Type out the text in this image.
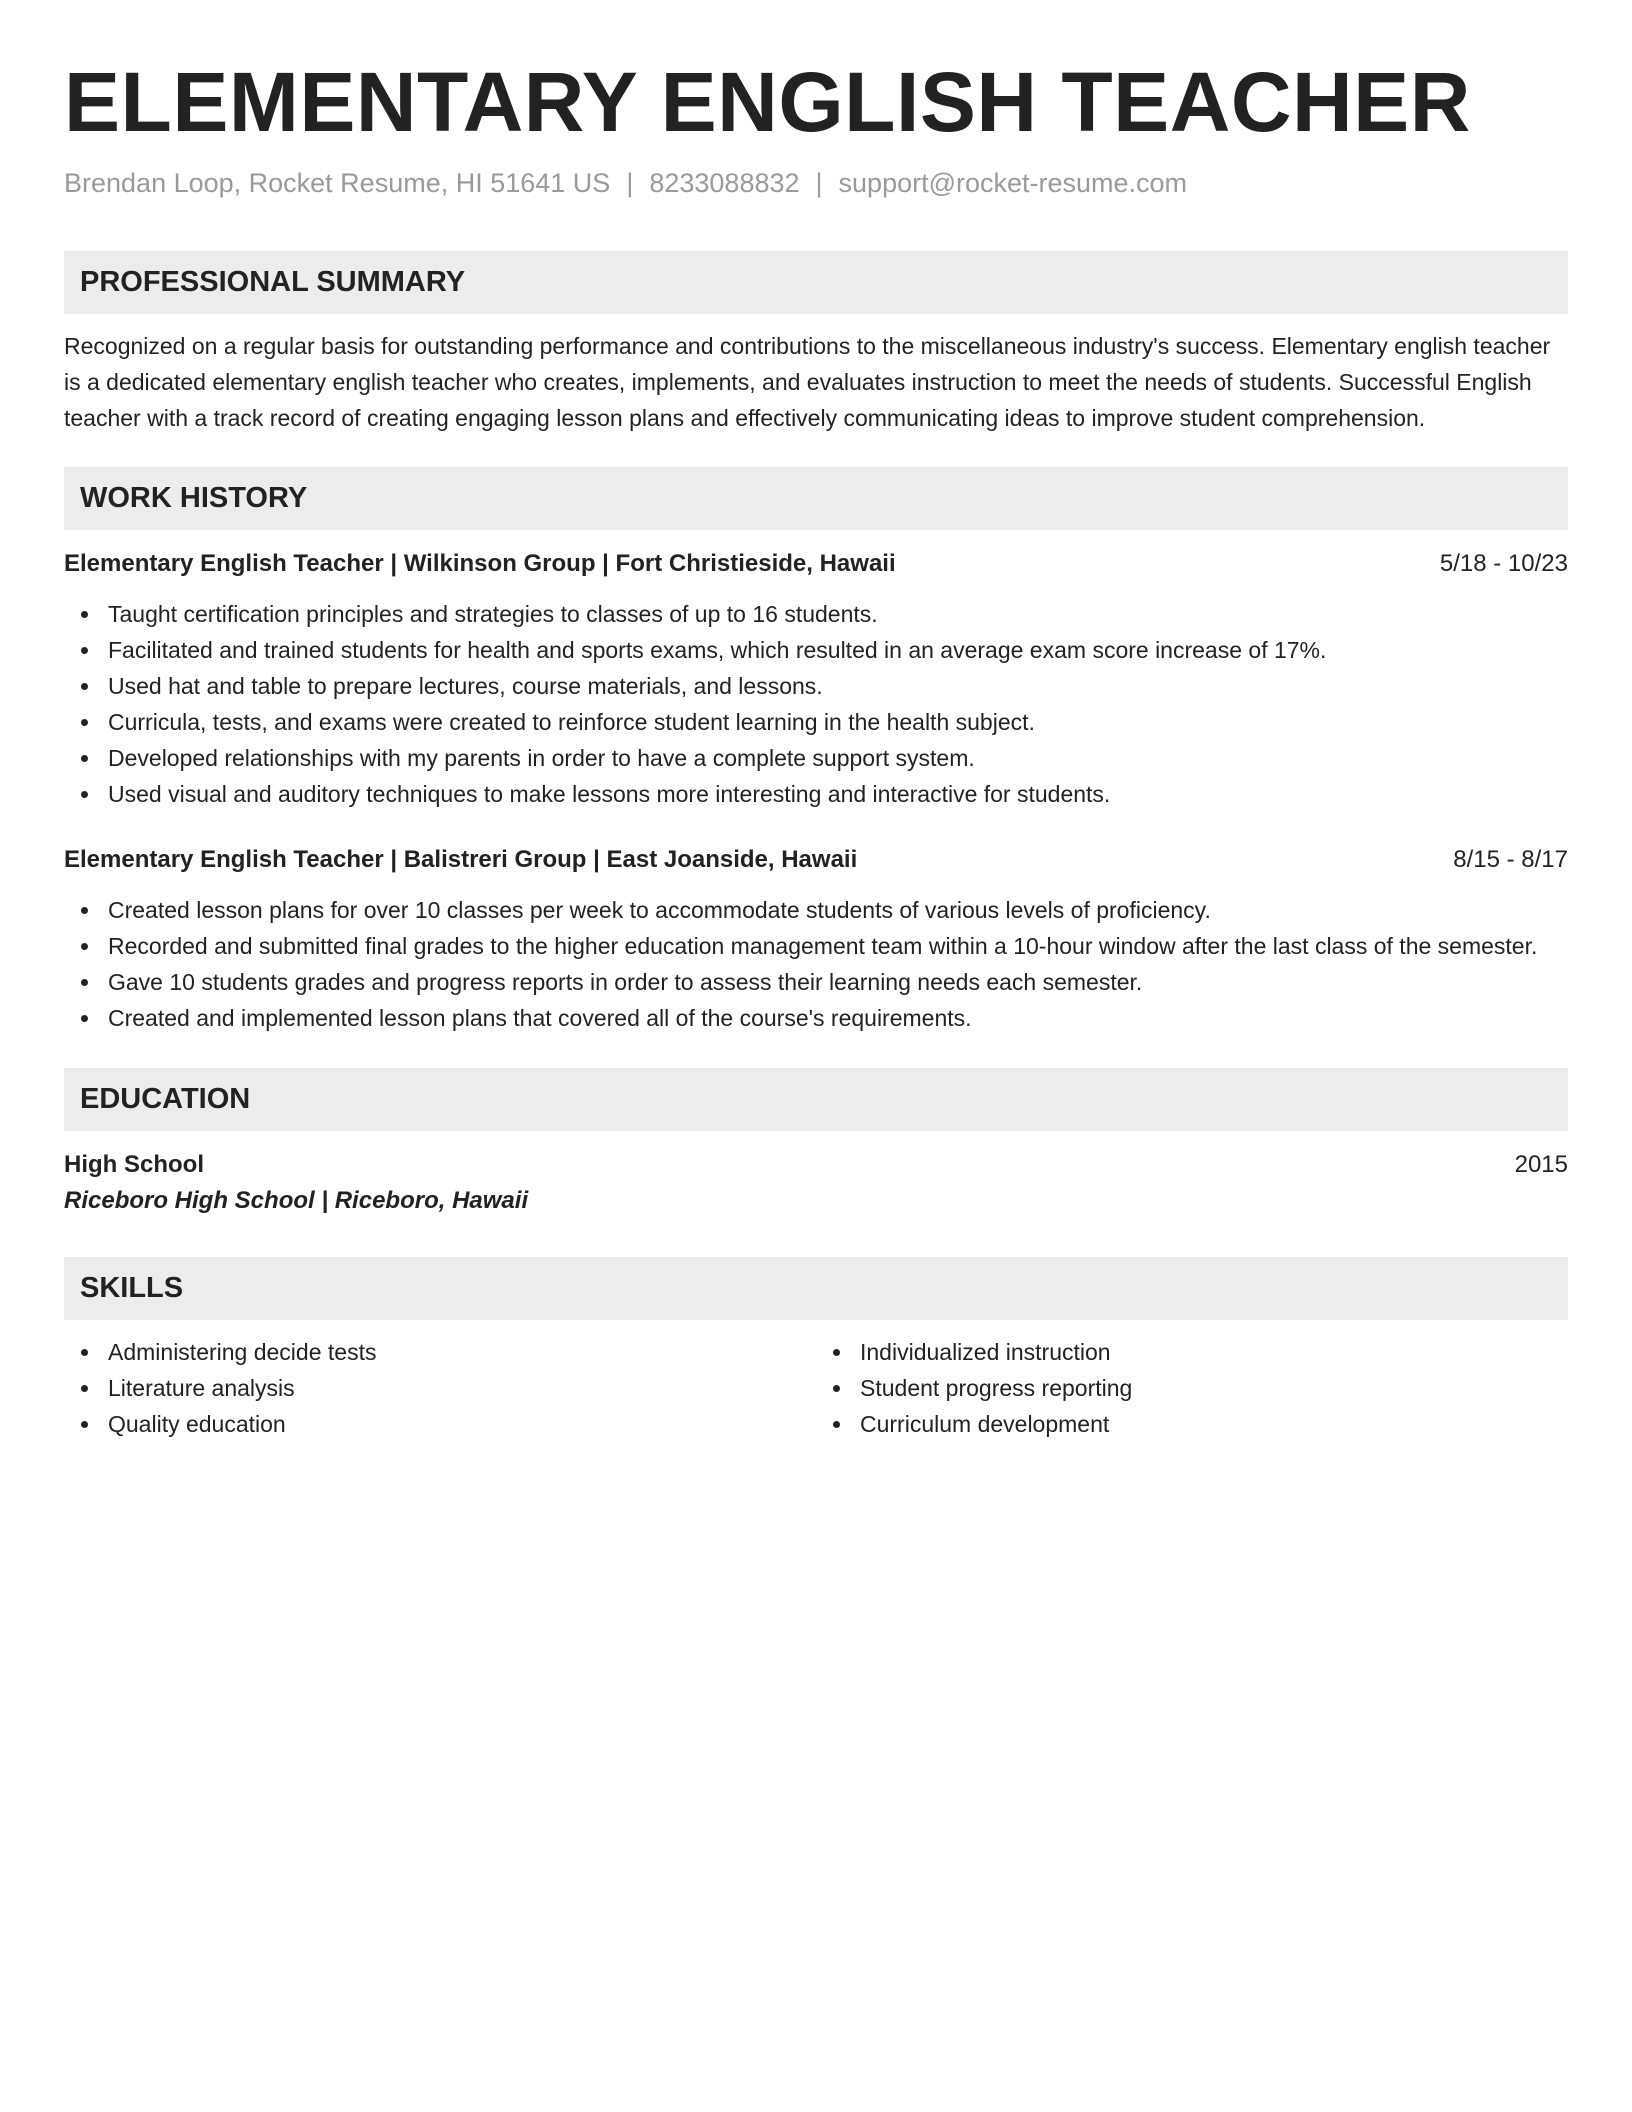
ELEMENTARY ENGLISH TEACHER
Brendan Loop, Rocket Resume, HI 51641 US | 8233088832 | support@rocket-resume.com
PROFESSIONAL SUMMARY

Recognized on a regular basis for outstanding performance and contributions to the miscellaneous industry's success. Elementary english teacher is a dedicated elementary english teacher who creates, implements, and evaluates instruction to meet the needs of students. Successful English teacher with a track record of creating engaging lesson plans and effectively communicating ideas to improve student comprehension.

WORK HISTORY
Elementary English Teacher | Wilkinson Group | Fort Christieside, Hawaii	5/18 - 10/23
Taught certification principles and strategies to classes of up to 16 students.
Facilitated and trained students for health and sports exams, which resulted in an average exam score increase of 17%.
Used hat and table to prepare lectures, course materials, and lessons.
Curricula, tests, and exams were created to reinforce student learning in the health subject.
Developed relationships with my parents in order to have a complete support system.
Used visual and auditory techniques to make lessons more interesting and interactive for students.
Elementary English Teacher | Balistreri Group | East Joanside, Hawaii	8/15 - 8/17
Created lesson plans for over 10 classes per week to accommodate students of various levels of proficiency.
Recorded and submitted final grades to the higher education management team within a 10-hour window after the last class of the semester.
Gave 10 students grades and progress reports in order to assess their learning needs each semester.
Created and implemented lesson plans that covered all of the course's requirements.
EDUCATION
High School	2015
Riceboro High School | Riceboro, Hawaii
SKILLS
Administering decide tests
Literature analysis
Quality education
Individualized instruction
Student progress reporting
Curriculum development
